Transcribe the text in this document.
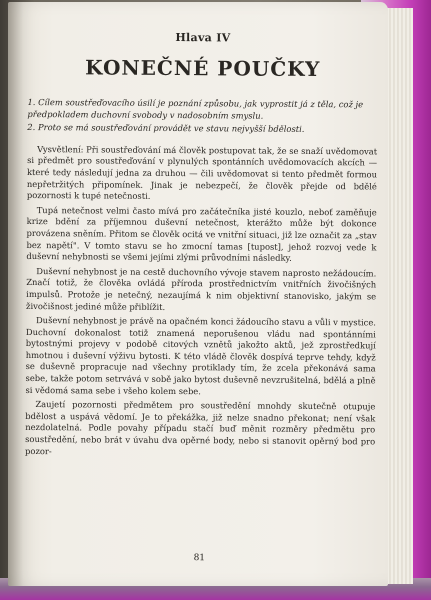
Hlava IV
KONEČNÉ POUČKY

1. Cílem soustřeďovacího úsilí je poznání způsobu, jak vyprostit já z těla, což je předpokladem duchovní svobody v nadosobním smyslu.

2. Proto se má soustřeďování provádět ve stavu nejvyšší bdělosti.

Vysvětlení: Při soustřeďování má člověk postupovat tak, že se snaží uvědomovat si předmět pro soustřeďování v plynulých spontánních uvědomovacích akcích — které tedy následují jedna za druhou — čili uvědomovat si tento předmět formou nepřetržitých připomínek. Jinak je nebezpečí, že člověk přejde od bdělé pozornosti k tupé netečnosti.

Tupá netečnost velmi často mívá pro začátečníka jisté kouzlo, neboť zaměňuje krize bdění za příjemnou duševní netečnost, kterážto může být dokonce provázena sněním. Přitom se člověk ocitá ve vnitřní situaci, již lze označit za „stav bez napětí". V tomto stavu se ho zmocní tamas [tupost], jehož rozvoj vede k duševní nehybnosti se všemi jejími zlými průvodními následky.

Duševní nehybnost je na cestě duchovního vývoje stavem naprosto nežádoucím. Značí totiž, že člověka ovládá příroda prostřednictvím vnitřních živočišných impulsů. Protože je netečný, nezaujímá k nim objektivní stanovisko, jakým se živočišnost jediné může přiblížit.

Duševní nehybnost je právě na opačném konci žádoucího stavu a vůli v mystice. Duchovní dokonalost totiž znamená neporušenou vládu nad spontánními bytostnými projevy v podobě citových vznětů jakožto aktů, jež zprostředkují hmotnou i duševní výživu bytosti. K této vládě člověk dospívá teprve tehdy, když se duševně propracuje nad všechny protiklady tím, že zcela překonává sama sebe, takže potom setrvává v sobě jako bytost duševně nevzrušitelná, bdělá a plně si vědomá sama sebe i všeho kolem sebe.

Zaujetí pozornosti předmětem pro soustředění mnohdy skutečně otupuje bdělost a uspává vědomí. Je to překážka, již nelze snadno překonat; není však nezdolatelná. Podle povahy případu stačí buď měnit rozměry předmětu pro soustředění, nebo brát v úvahu dva opěrné body, nebo si stanovit opěrný bod pro pozor-

81
